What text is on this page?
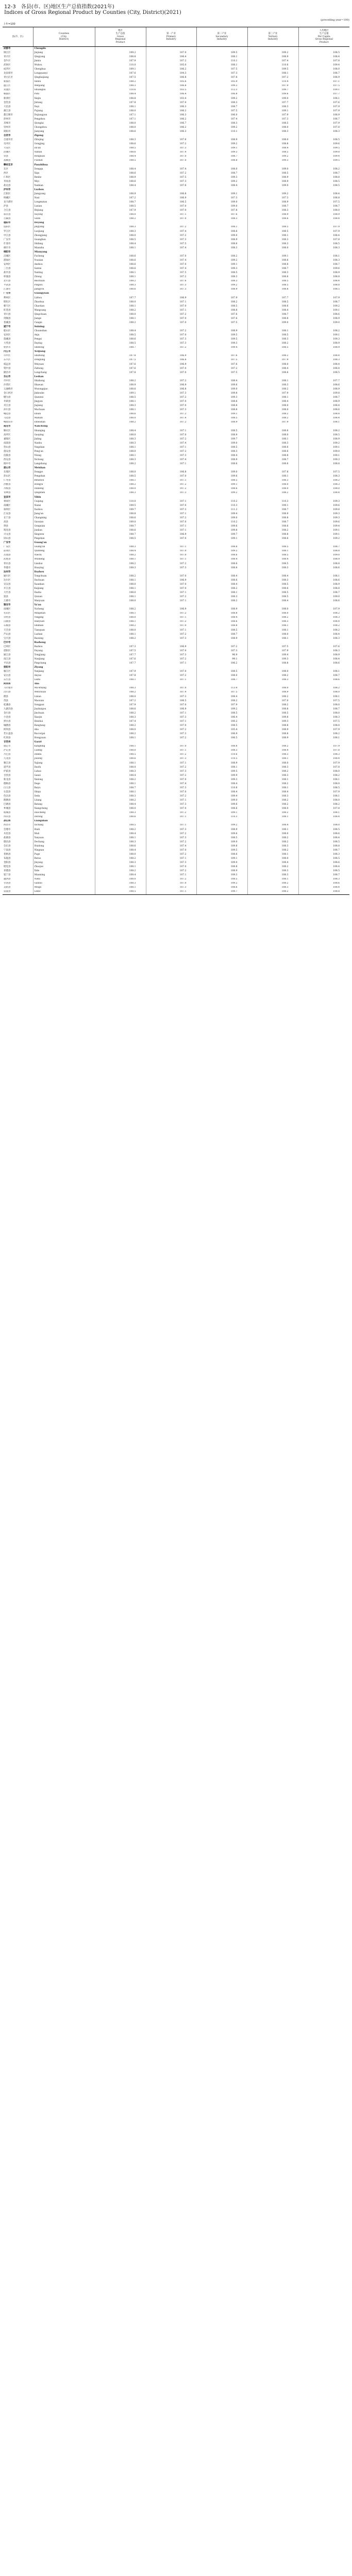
12-3　各县(市、区)地区生产总值指数(2021年)
Indices of Gross Regional Product by Counties (City, District)(2021)
上年=100
(preceding year=100)
县(市、区)	Counties
(City,
District)	地区
生产总值
Gross
Regional
Product	第一产业
Primary
Industry	第二产业
Secondary
Industry	第三产业
Tertiary
Industry	人均地区
生产总值
Per Capita
Gross Regional
Product
成都市	Chengdu					
锦江区	Jinjiang	109.2	107.0	109.5	109.2	108.5
青羊区	Qingyang	108.8	106.4	108.1	108.9	108.4
金牛区	Jinniu	107.9	107.2	110.1	107.4	107.8
武侯区	Wuhou	110.0	105.0	108.1	110.6	109.4
成华区	Chenghua	109.1	106.2	107.5	109.5	108.0
龙泉驿区	Longquanyi	107.6	104.3	107.3	108.1	106.7
青白江区	Qingbaijiang	107.5	106.8	107.8	107.2	106.9
新都区	Xindu	108.2	105.6	105.9	110.4	107.1
温江区	Wenjiang	108.3	106.8	109.2	107.9	107.5
双流区	Shuangliu	110.6	103.5	112.3	109.7	109.1
郫都区	Pidu	108.4	106.4	106.8	109.6	107.7
新津区	Xinjin	108.8	103.4	109.2	109.0	108.1
金堂县	Jintang	107.8	107.0	108.3	107.7	107.6
大邑县	Dayi	108.1	106.3	108.7	108.3	107.9
蒲江县	Pujiang	108.0	106.2	107.5	109.1	107.9
都江堰市	Dujiangyan	107.1	106.3	106.0	107.9	106.9
彭州市	Pengzhou	107.1	106.2	107.4	107.3	106.7
邛崃市	Qionglai	108.0	106.7	108.3	108.5	107.9
崇州市	Chongzhou	108.0	106.2	109.2	108.0	107.8
简阳市	Jianyang	108.6	106.3	110.1	108.3	108.3
自贡市	Zigong					
自流井区	Ziliujing	108.3	107.6	108.9	108.0	108.5
贡井区	Gongjing	108.6	107.2	109.2	108.8	109.6
大安区	Da'an	108.5	107.3	109.1	108.4	109.5
沿滩区	Yantan	108.6	107.4	109.3	108.5	109.8
荣县	Rongxian	108.4	107.0	108.7	109.2	109.4
富顺县	Fushun	108.5	107.0	108.8	109.3	109.5
攀枝花市	Panzhihua					
东区	Dongqu	108.4	107.4	108.0	109.0	108.2
西区	Xiqu	108.6	107.2	108.7	108.5	108.7
仁和区	Renhe	108.9	107.5	109.3	108.9	108.8
米易县	Miyi	108.6	107.3	109.2	108.9	108.5
盐边县	Yanbian	108.4	107.6	108.4	109.0	108.5
泸州市	Luzhou					
江阳区	Jiangyang	108.9	106.8	109.1	109.2	108.4
纳溪区	Naxi	107.2	106.9	107.3	107.3	106.8
龙马潭区	Longmatan	108.7	106.5	109.0	108.9	107.5
泸县	Luxian	108.5	107.0	109.0	108.7	108.7
合江县	Hejiang	107.9	107.0	107.8	108.3	108.0
叙永县	Xuyong	108.0	107.1	107.6	108.9	108.9
古蔺县	Gulin	108.2	107.0	108.3	108.6	108.4
德阳市	Deyang					
旌阳区	Jingyang	108.3	107.2	108.1	108.5	107.9
罗江区	Luojiang	108.3	107.4	108.6	108.5	107.9
中江县	Zhongjiang	108.0	107.2	109.0	108.1	108.4
广汉市	Guanghan	108.5	107.3	108.9	108.3	107.8
什邡市	Shifang	108.4	107.5	108.6	108.3	108.5
绵竹市	Mianzhu	108.1	107.4	108.3	108.0	108.3
绵阳市	Mianyang					
涪城区	Fucheng	108.6	107.0	108.2	109.1	108.1
游仙区	Youxian	108.6	107.4	109.2	108.6	108.3
安州区	Anzhou	108.6	107.0	109.1	108.8	108.7
三台县	Santai	108.6	107.4	109.3	108.7	109.6
盐亭县	Yanting	108.1	107.5	108.5	108.3	108.9
梓潼县	Zitong	108.1	107.2	108.3	108.6	108.8
北川县	Beichuan	108.2	107.6	108.3	108.5	108.4
平武县	Pingwu	108.3	107.3	109.2	108.5	108.8
江油市	Jiangyou	108.6	107.3	108.9	108.8	108.5
广元市	Guangyuan					
利州区	Lizhou	107.7	106.9	107.9	107.7	107.9
昭化区	Zhaohua	108.0	107.1	108.2	108.5	108.7
朝天区	Chaotian	108.1	107.0	108.5	108.6	109.2
旺苍县	Wangcang	108.2	107.1	108.8	108.4	109.1
青川县	Qingchuan	108.0	107.2	107.6	108.7	108.6
剑阁县	Jiange	108.1	107.0	107.6	108.8	108.9
苍溪县	Cangxi	108.2	107.0	107.5	109.0	109.0
遂宁市	Suining					
船山区	Chuanshan	108.4	107.2	108.9	108.1	108.2
安居区	Anju	108.5	107.0	109.5	108.5	109.1
蓬溪县	Pengxi	108.6	107.3	109.5	108.3	109.3
大英县	Daying	108.5	107.3	109.3	108.2	108.9
射洪市	Shehong	108.7	107.2	109.4	108.5	108.9
内江市	Neijiang					
市中区	Shizhong	107.8	106.9	107.6	108.2	108.4
东兴区	Dongxing	107.5	106.8	107.5	107.9	108.3
威远县	Weiyuan	107.6	106.9	107.6	108.0	108.4
资中县	Zizhong	107.6	107.0	107.2	108.4	108.4
隆昌市	Longchang	107.8	107.0	107.5	108.6	108.5
乐山市	Leshan					
市中区	Shizhong	108.2	107.2	108.4	108.1	107.7
沙湾区	Shawan	108.9	106.9	109.6	108.3	108.6
五通桥区	Wutongqiao	108.6	106.8	109.0	108.2	108.9
金口河区	Jinkouhe	109.1	107.3	109.8	107.9	109.8
犍为县	Qianwei	108.5	107.2	109.3	108.1	108.7
井研县	Jingyan	108.1	107.0	108.6	108.4	108.9
夹江县	Jiajiang	108.3	107.0	108.8	108.0	108.4
沐川县	Muchuan	108.1	107.3	108.8	108.0	108.6
峨边县	Ebian	108.6	107.2	109.1	108.2	108.8
马边县	Mabian	108.0	107.4	108.5	108.2	108.4
峨眉山市	Emeishan	108.2	107.2	108.9	107.9	108.1
南充市	Nanchong					
顺庆区	Shunqing	108.4	107.1	108.5	108.6	108.2
高坪区	Gaoping	108.0	107.0	108.9	108.0	108.5
嘉陵区	Jialing	108.3	107.2	109.7	108.1	108.9
南部县	Nanbu	108.3	107.4	109.0	108.3	109.2
营山县	Yingshan	108.1	107.1	108.5	108.6	109.1
蓬安县	Peng'an	108.0	107.2	108.3	108.6	109.0
仪陇县	Yilong	108.1	107.3	108.4	108.8	109.1
西充县	Xichong	108.3	107.4	108.9	108.7	109.3
阆中市	Langzhong	108.2	107.1	108.6	108.6	108.8
眉山市	Meishan					
东坡区	Dongpo	108.0	106.8	109.0	107.8	107.5
彭山区	Pengshan	108.5	107.0	109.6	108.1	108.3
仁寿县	Renshou	108.1	107.1	108.5	108.3	108.2
洪雅县	Hongya	108.2	107.2	109.1	108.0	108.3
丹棱县	Danleng	108.0	107.2	108.6	108.0	108.0
青神县	Qingshen	108.3	107.3	109.2	108.2	108.4
宜宾市	Yibin					
翠屏区	Cuiping	110.0	107.1	110.2	110.3	109.3
南溪区	Nanxi	109.5	107.0	110.3	109.1	109.6
叙州区	Xuzhou	109.7	107.3	111.2	108.7	109.8
江安县	Jiang'an	108.8	107.1	109.4	108.9	109.3
长宁县	Changning	108.6	107.2	109.0	108.8	109.3
高县	Gaoxian	109.0	107.0	110.2	108.7	109.6
珙县	Gongxian	108.7	107.1	109.6	108.6	109.4
筠连县	Junlian	108.6	107.1	109.8	108.2	109.1
兴文县	Xingwen	108.7	106.9	109.7	108.8	109.1
屏山县	Pingshan	108.5	107.0	109.1	108.6	109.2
广安市	Guang'an					
广安区	Guang'an	108.3	107.1	108.8	108.5	108.7
前锋区	Qianfeng	108.4	107.0	109.5	108.1	108.8
岳池县	Yuechi	108.2	107.0	108.6	108.5	109.0
武胜县	Wusheng	108.1	107.1	108.4	108.4	108.9
邻水县	Linshui	108.2	107.2	108.6	108.5	108.8
华蓥市	Huaying	108.3	107.3	108.8	108.3	108.6
达州市	Dazhou					
通川区	Tongchuan	108.2	107.0	108.4	108.4	108.1
达川区	Dachuan	108.1	106.9	108.6	108.3	108.6
宣汉县	Xuanhan	108.0	107.0	108.4	108.5	108.9
开江县	Kaijiang	108.1	107.0	108.2	108.6	108.8
大竹县	Dazhu	108.0	107.1	108.1	108.5	108.7
渠县	Quxian	108.1	107.2	108.3	108.5	109.0
万源市	Wanyuan	108.0	107.1	108.2	108.4	108.6
雅安市	Ya'an					
雨城区	Yucheng	108.2	106.9	108.9	108.0	107.9
名山区	Mingshan	108.1	107.2	108.8	108.0	108.2
荥经县	Yingjing	108.0	107.1	108.4	108.2	108.3
汉源县	Hanyuan	108.1	107.2	108.6	108.3	108.4
石棉县	Shimian	108.2	107.0	108.8	108.1	108.2
天全县	Tianquan	108.0	107.1	108.5	108.1	108.2
芦山县	Lushan	108.1	107.2	108.7	108.0	108.4
宝兴县	Baoxing	108.2	107.3	108.9	108.1	108.3
巴中市	Bazhong					
巴州区	Bazhou	107.3	106.9	107.2	107.5	107.6
恩阳区	Enyang	107.5	107.0	107.3	107.9	108.3
通江县	Tongjiang	107.7	107.3	96.9	109.4	108.9
南江县	Nanjiang	107.6	107.2	99.1	109.3	108.4
平昌县	Pingchang	107.7	107.1	106.2	108.8	108.6
资阳市	Ziyang					
雁江区	Yanjiang	107.9	107.0	108.5	108.0	108.1
安岳县	Anyue	107.8	107.2	108.0	108.2	108.7
乐至县	Lezhi	108.1	107.1	108.7	108.3	108.6
阿坝州	Aba					
马尔康市	Ma'erkang	108.3	107.0	113.4	108.0	108.2
汶川县	Wenchuan	108.2	107.4	107.5	108.9	108.0
理县	Lixian	108.0	107.3	108.4	108.2	108.1
茂县	Maoxian	107.2	106.5	108.2	107.0	107.5
松潘县	Songpan	107.9	107.0	107.9	108.2	108.0
九寨沟县	Jiuzhaigou	108.6	106.9	109.2	108.8	108.7
金川县	Jinchuan	108.2	107.1	108.5	108.5	108.0
小金县	Xiaojin	108.3	107.3	106.4	109.8	108.3
黑水县	Heishui	107.4	107.1	100.2	109.3	107.5
壤塘县	Rangtang	108.2	107.0	108.5	108.8	108.0
阿坝县	Aba	108.0	107.2	105.4	108.9	107.9
若尔盖县	Ruo'ergai	108.2	107.3	106.9	108.8	108.2
红原县	Hongyuan	108.1	107.2	106.5	108.9	108.1
甘孜州	Garzê					
康定市	Kangding	108.1	107.0	108.8	108.2	107.9
泸定县	Luding	108.0	107.1	108.3	108.4	107.8
丹巴县	Danba	108.5	107.2	110.6	108.3	108.3
九龙县	Jiulong	108.6	107.3	110.5	108.1	108.4
雅江县	Yajiang	108.1	107.1	108.9	108.0	107.9
道孚县	Daofu	108.0	107.2	108.1	108.3	107.8
炉霍县	Luhuo	108.3	107.3	109.5	108.2	108.0
甘孜县	Ganzi	108.4	107.2	109.9	108.3	108.2
新龙县	Xinlong	108.2	107.0	109.3	108.1	108.1
德格县	Dege	108.1	107.4	108.4	108.2	108.0
白玉县	Baiyu	108.7	107.3	110.8	108.1	108.5
石渠县	Shiqu	108.1	107.0	108.4	108.4	107.9
色达县	Seda	108.3	107.2	109.4	108.3	108.1
理塘县	Litang	108.2	107.1	109.0	108.2	108.0
巴塘县	Batang	108.4	107.3	109.6	108.2	108.2
乡城县	Xiangcheng	108.0	107.0	108.6	108.0	107.8
稻城县	Daocheng	108.3	107.2	109.1	108.2	108.1
得荣县	Derong	108.6	107.1	110.3	108.1	108.4
凉山州	Liangshan					
西昌市	Xichang	108.5	107.1	109.2	108.4	108.0
会理市	Huili	108.2	107.3	108.9	108.1	108.5
木里县	Muli	108.4	107.2	109.6	108.0	108.6
盐源县	Yanyuan	108.1	107.3	108.5	108.2	108.4
德昌县	Dechang	108.3	107.2	109.0	108.2	108.5
会东县	Huidong	108.6	107.4	109.8	108.3	108.8
宁南县	Ningnan	108.4	107.0	109.5	108.2	108.7
普格县	Puge	108.0	107.2	108.6	108.1	108.3
布拖县	Butuo	108.2	107.1	109.1	108.0	108.5
金阳县	Jinyang	108.3	107.3	109.0	108.4	108.6
昭觉县	Zhaojue	108.1	107.0	108.8	108.2	108.4
喜德县	Xide	108.2	107.2	108.9	108.3	108.5
冕宁县	Mianning	108.4	107.1	109.3	108.3	108.7
越西县	Yuexi	108.0	107.2	108.5	108.1	108.3
甘洛县	Ganluo	108.3	107.0	109.2	108.2	108.6
美姑县	Meigu	108.1	107.3	108.6	108.3	108.4
雷波县	Leibo	108.5	107.1	109.7	108.2	108.8
